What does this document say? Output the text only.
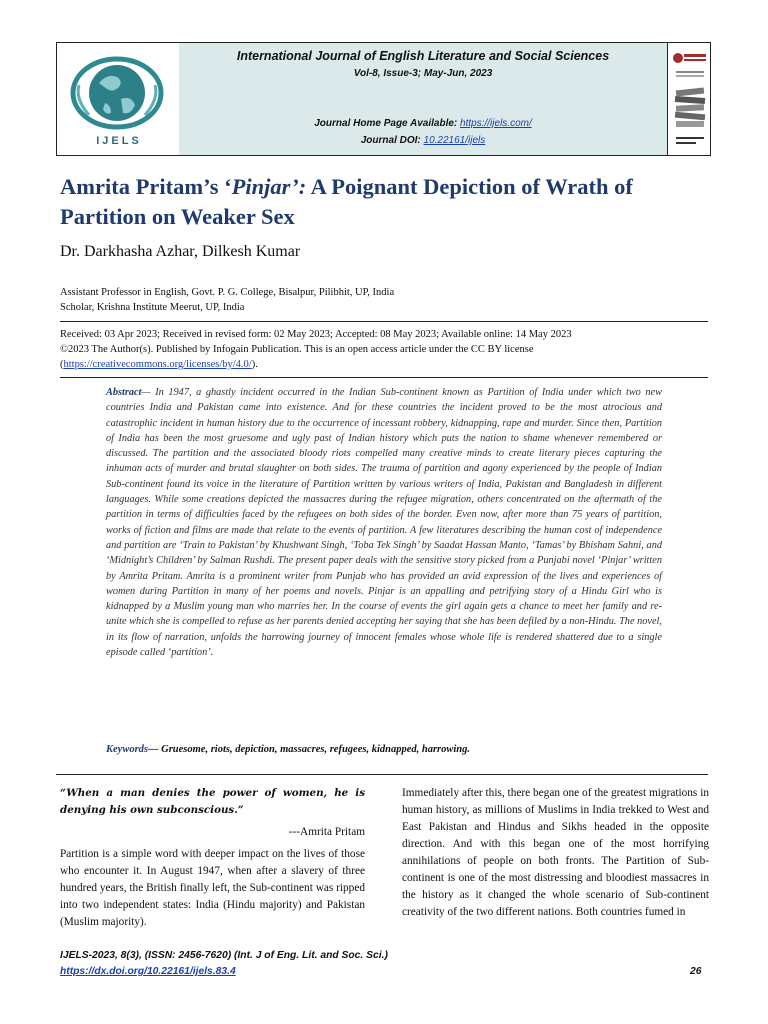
IJELS
International Journal of English Literature and Social Sciences
Vol-8, Issue-3; May-Jun, 2023
Journal Home Page Available: https://ijels.com/
Journal DOI: 10.22161/ijels
Amrita Pritam’s ‘Pinjar’: A Poignant Depiction of Wrath of Partition on Weaker Sex
Dr. Darkhasha Azhar, Dilkesh Kumar
Assistant Professor in English, Govt. P. G. College, Bisalpur, Pilibhit, UP, India
Scholar, Krishna Institute Meerut, UP, India
Received: 03 Apr 2023; Received in revised form: 02 May 2023; Accepted: 08 May 2023; Available online: 14 May 2023
©2023 The Author(s). Published by Infogain Publication. This is an open access article under the CC BY license
(https://creativecommons.org/licenses/by/4.0/).
Abstract— In 1947, a ghastly incident occurred in the Indian Sub-continent known as Partition of India under which two new countries India and Pakistan came into existence. And for these countries the incident proved to be the most atrocious and catastrophic incident in human history due to the occurrence of incessant robbery, kidnapping, rape and murder. Since then, Partition of India has been the most gruesome and ugly past of Indian history which puts the nation to shame whenever remembered or discussed. The partition and the associated bloody riots compelled many creative minds to create literary pieces capturing the inhuman acts of murder and brutal slaughter on both sides. The trauma of partition and agony experienced by the people of Indian Sub-continent found its voice in the literature of Partition written by various writers of India, Pakistan and Bangladesh in different languages. While some creations depicted the massacres during the refugee migration, others concentrated on the aftermath of the partition in terms of difficulties faced by the refugees on both sides of the border. Even now, after more than 75 years of partition, works of fiction and films are made that relate to the events of partition. A few literatures describing the human cost of independence and partition are ‘Train to Pakistan’ by Khushwant Singh, ‘Toba Tek Singh’ by Saadat Hassan Manto, ‘Tamas’ by Bhisham Sahni, and ‘Midnight’s Children’ by Salman Rushdi. The present paper deals with the sensitive story picked from a Punjabi novel ‘Pinjar’ written by Amrita Pritam. Amrita is a prominent writer from Punjab who has provided an avid expression of the lives and experiences of women during Partition in many of her poems and novels. Pinjar is an appalling and petrifying story of a Hindu Girl who is kidnapped by a Muslim young man who marries her. In the course of events the girl again gets a chance to meet her family and re-unite which she is compelled to refuse as her parents denied accepting her saying that she has been defiled by a non-Hindu. The novel, in its flow of narration, unfolds the harrowing journey of innocent females whose whole life is rendered shattered due to a single episode called ‘partition’.
Keywords— Gruesome, riots, depiction, massacres, refugees, kidnapped, harrowing.
“When a man denies the power of women, he is denying his own subconscious.”
---Amrita Pritam
Partition is a simple word with deeper impact on the lives of those who encounter it. In August 1947, when after a slavery of three hundred years, the British finally left, the Sub-continent was ripped into two independent states: India (Hindu majority) and Pakistan (Muslim majority).
Immediately after this, there began one of the greatest migrations in human history, as millions of Muslims in India trekked to West and East Pakistan and Hindus and Sikhs headed in the opposite direction. And with this began one of the most horrifying annihilations of people on both fronts. The Partition of Sub-continent is one of the most distressing and bloodiest massacres in the history as it changed the whole scenario of Sub-continent creativity of the two different nations. Both countries fumed in
IJELS-2023, 8(3), (ISSN: 2456-7620) (Int. J of Eng. Lit. and Soc. Sci.)
https://dx.doi.org/10.22161/ijels.83.4	26
